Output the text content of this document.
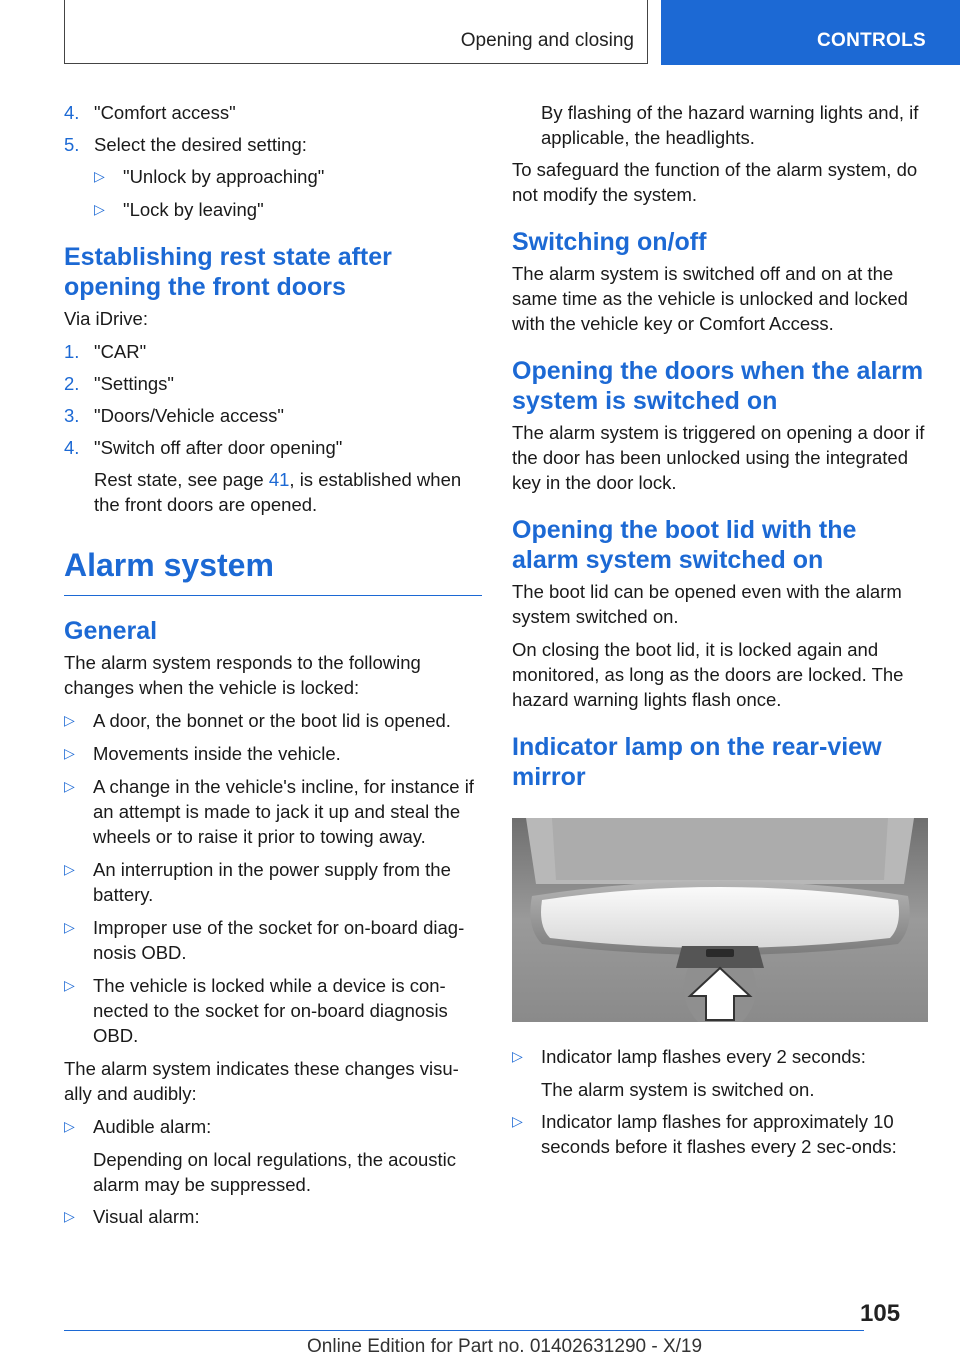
Opening and closing	CONTROLS
4. "Comfort access"
5. Select the desired setting:
▷ "Unlock by approaching"
▷ "Lock by leaving"
Establishing rest state after opening the front doors

Via iDrive:

1. "CAR"
2. "Settings"
3. "Doors/Vehicle access"
4. "Switch off after door opening"
Rest state, see page 41, is established when the front doors are opened.
Alarm system
General

The alarm system responds to the following changes when the vehicle is locked:

▷ A door, the bonnet or the boot lid is opened.
▷ Movements inside the vehicle.
▷ A change in the vehicle's incline, for instance if an attempt is made to jack it up and steal the wheels or to raise it prior to towing away.
▷ An interruption in the power supply from the battery.
▷ Improper use of the socket for on-board diag-nosis OBD.
▷ The vehicle is locked while a device is con-nected to the socket for on-board diagnosis OBD.

The alarm system indicates these changes visu-ally and audibly:

▷ Audible alarm:
Depending on local regulations, the acoustic alarm may be suppressed.
▷ Visual alarm:
By flashing of the hazard warning lights and, if applicable, the headlights.

To safeguard the function of the alarm system, do not modify the system.

Switching on/off

The alarm system is switched off and on at the same time as the vehicle is unlocked and locked with the vehicle key or Comfort Access.

Opening the doors when the alarm system is switched on

The alarm system is triggered on opening a door if the door has been unlocked using the integrated key in the door lock.

Opening the boot lid with the alarm system switched on

The boot lid can be opened even with the alarm system switched on.

On closing the boot lid, it is locked again and monitored, as long as the doors are locked. The hazard warning lights flash once.

Indicator lamp on the rear-view mirror
▷ Indicator lamp flashes every 2 seconds:
The alarm system is switched on.
▷ Indicator lamp flashes for approximately 10 seconds before it flashes every 2 sec-onds:
105
Online Edition for Part no. 01402631290 - X/19
